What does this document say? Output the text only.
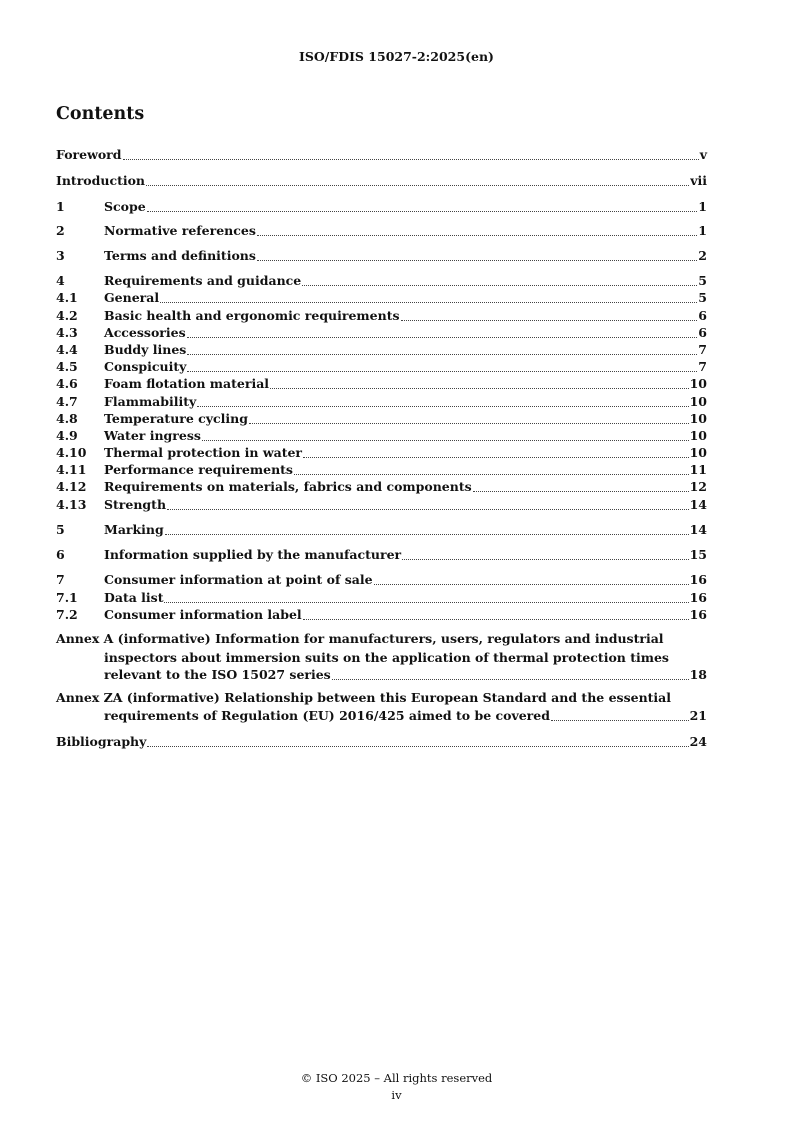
ISO/FDIS 15027-2:2025(en)
Contents
Foreword	v
Introduction	vii
1	Scope	1
2	Normative references	1
3	Terms and definitions	2
4	Requirements and guidance	5
4.1	General	5
4.2	Basic health and ergonomic requirements	6
4.3	Accessories	6
4.4	Buddy lines	7
4.5	Conspicuity	7
4.6	Foam flotation material	10
4.7	Flammability	10
4.8	Temperature cycling	10
4.9	Water ingress	10
4.10	Thermal protection in water	10
4.11	Performance requirements	11
4.12	Requirements on materials, fabrics and components	12
4.13	Strength	14
5	Marking	14
6	Information supplied by the manufacturer	15
7	Consumer information at point of sale	16
7.1	Data list	16
7.2	Consumer information label	16
Annex A (informative) Information for manufacturers, users, regulators and industrial
inspectors about immersion suits on the application of thermal protection times
relevant to the ISO 15027 series	18
Annex ZA (informative) Relationship between this European Standard and the essential
requirements of Regulation (EU) 2016/425 aimed to be covered	21
Bibliography	24
© ISO 2025 – All rights reserved
iv
